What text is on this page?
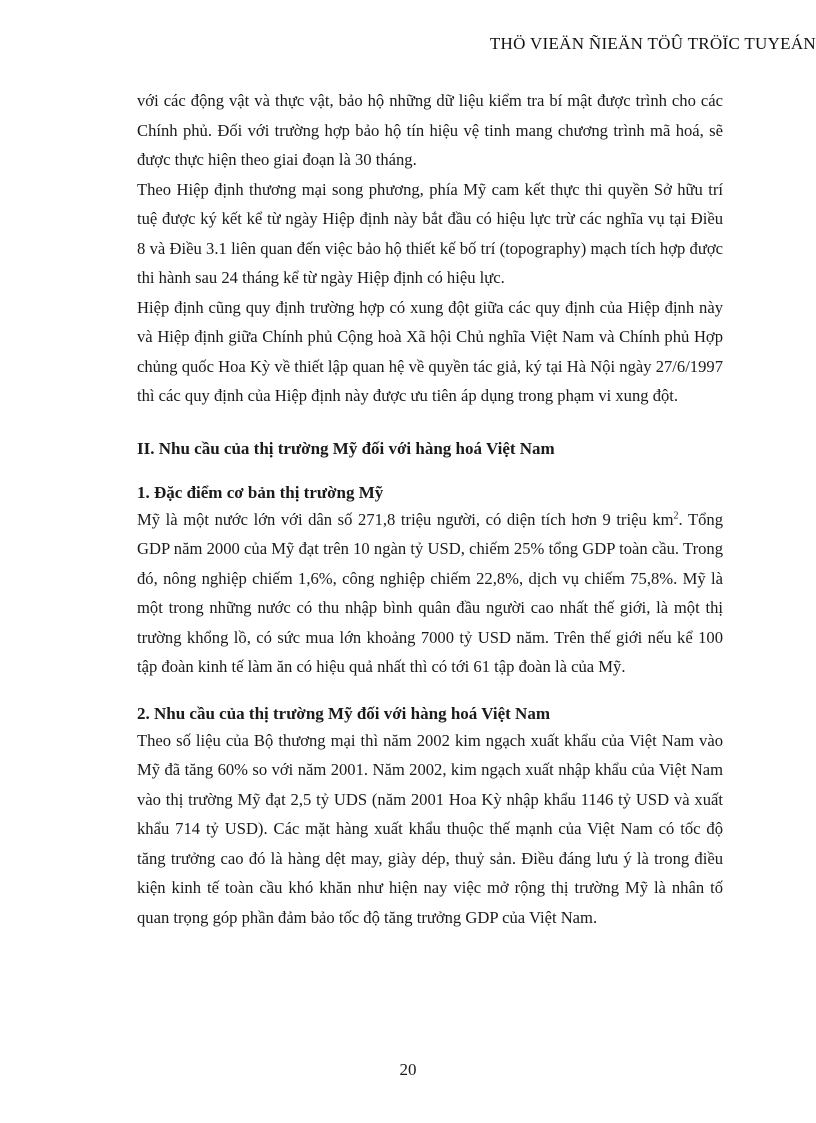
THÖ VIEÄN ÑIEÄN TÖÛ TRÖÏC TUYEÁN

với các động vật và thực vật, bảo hộ những dữ liệu kiểm tra bí mật được trình cho các Chính phủ. Đối với trường hợp bảo hộ tín hiệu vệ tinh mang chương trình mã hoá, sẽ được thực hiện theo giai đoạn là 30 tháng.

Theo Hiệp định thương mại song phương, phía Mỹ cam kết thực thi quyền Sở hữu trí tuệ được ký kết kể từ ngày Hiệp định này bắt đầu có hiệu lực trừ các nghĩa vụ tại Điều 8 và Điều 3.1 liên quan đến việc bảo hộ thiết kế bố trí (topography) mạch tích hợp được thi hành sau 24 tháng kể từ ngày Hiệp định có hiệu lực.

Hiệp định cũng quy định trường hợp có xung đột giữa các quy định của Hiệp định này và Hiệp định giữa Chính phủ Cộng hoà Xã hội Chủ nghĩa Việt Nam và Chính phủ Hợp chủng quốc Hoa Kỳ về thiết lập quan hệ về quyền tác giả, ký tại Hà Nội ngày 27/6/1997 thì các quy định của Hiệp định này được ưu tiên áp dụng trong phạm vi xung đột.

II. Nhu cầu của thị trường Mỹ đối với hàng hoá Việt Nam
1. Đặc điểm cơ bản thị trường Mỹ

Mỹ là một nước lớn với dân số 271,8 triệu người, có diện tích hơn 9 triệu $km^2$. Tổng GDP năm 2000 của Mỹ đạt trên 10 ngàn tỷ USD, chiếm 25% tổng GDP toàn cầu. Trong đó, nông nghiệp chiếm 1,6%, công nghiệp chiếm 22,8%, dịch vụ chiếm 75,8%. Mỹ là một trong những nước có thu nhập bình quân đầu người cao nhất thế giới, là một thị trường khổng lồ, có sức mua lớn khoảng 7000 tỷ USD năm. Trên thế giới nếu kể 100 tập đoàn kinh tế làm ăn có hiệu quả nhất thì có tới 61 tập đoàn là của Mỹ.

2. Nhu cầu của thị trường Mỹ đối với hàng hoá Việt Nam

Theo số liệu của Bộ thương mại thì năm 2002 kim ngạch xuất khẩu của Việt Nam vào Mỹ đã tăng 60% so với năm 2001. Năm 2002, kim ngạch xuất nhập khẩu của Việt Nam vào thị trường Mỹ đạt 2,5 tỷ UDS (năm 2001 Hoa Kỳ nhập khẩu 1146 tỷ USD và xuất khẩu 714 tỷ USD). Các mặt hàng xuất khẩu thuộc thế mạnh của Việt Nam có tốc độ tăng trưởng cao đó là hàng dệt may, giày dép, thuỷ sản. Điều đáng lưu ý là trong điều kiện kinh tế toàn cầu khó khăn như hiện nay việc mở rộng thị trường Mỹ là nhân tố quan trọng góp phần đảm bảo tốc độ tăng trưởng GDP của Việt Nam.

20
